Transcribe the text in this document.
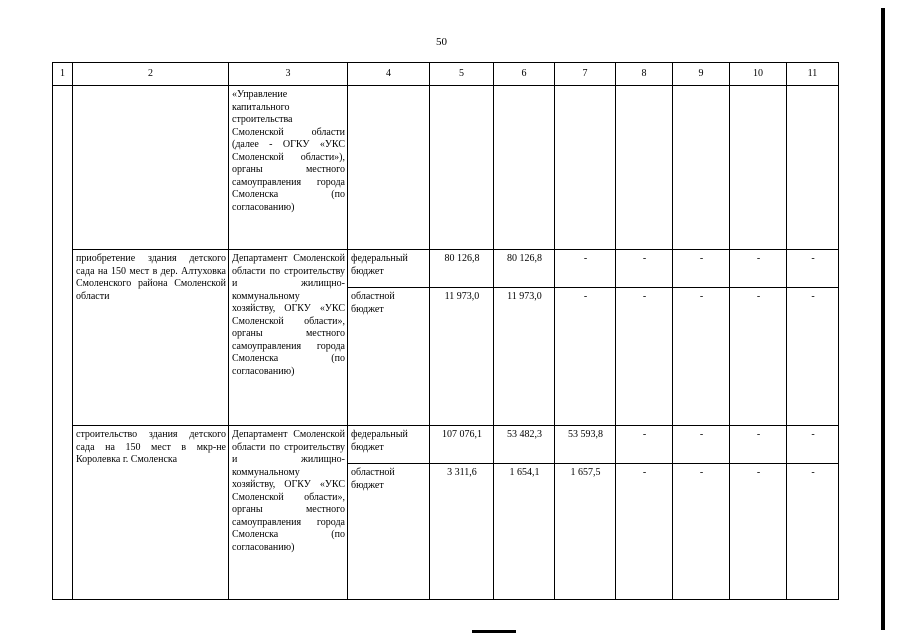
50
1	2	3	4	5	6	7	8	9	10	11
		«Управление капитального строительства Смоленской области (далее - ОГКУ «УКС Смоленской области»), органы местного самоуправления города Смоленска (по согласованию)								
	приобретение здания детского сада на 150 мест в дер. Алтуховка Смоленского района Смоленской области	Департамент Смоленской области по строительству и жилищно-коммунальному хозяйству, ОГКУ «УКС Смоленской области», органы местного самоуправления города Смоленска (по согласованию)	федеральный бюджет	80 126,8	80 126,8	-	-	-	-	-
			областной бюджет	11 973,0	11 973,0	-	-	-	-	-
	строительство здания детского сада на 150 мест в мкр-не Королевка г. Смоленска	Департамент Смоленской области по строительству и жилищно-коммунальному хозяйству, ОГКУ «УКС Смоленской области», органы местного самоуправления города Смоленска (по согласованию)	федеральный бюджет	107 076,1	53 482,3	53 593,8	-	-	-	-
			областной бюджет	3 311,6	1 654,1	1 657,5	-	-	-	-
